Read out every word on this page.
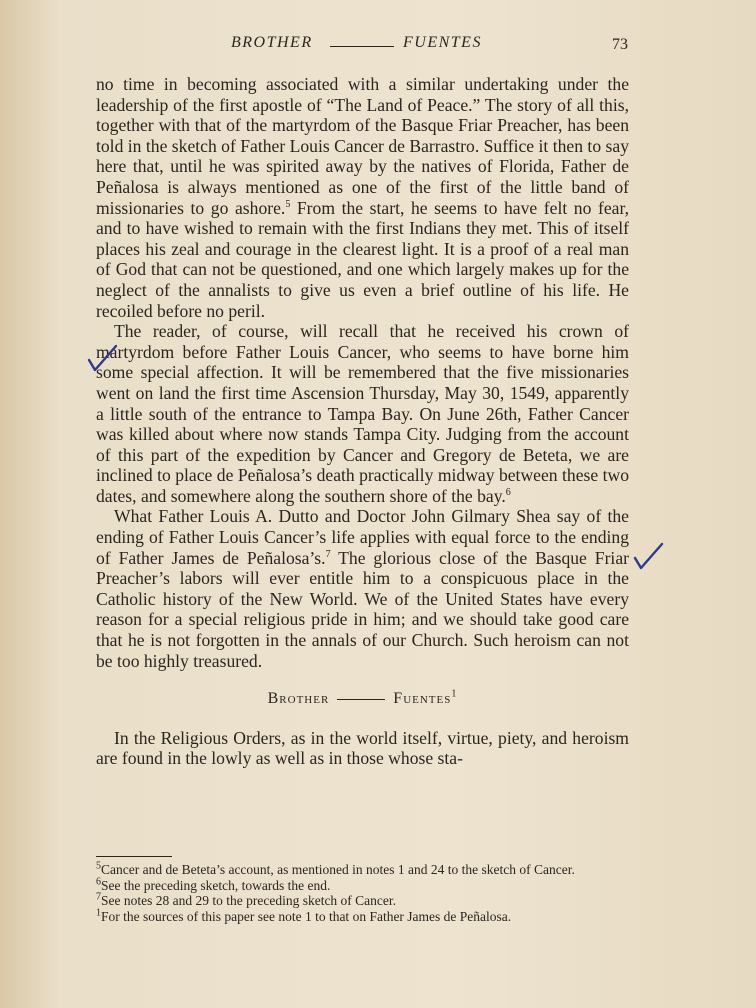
BROTHER	FUENTES	73

no time in becoming associated with a similar undertaking under the leadership of the first apostle of “The Land of Peace.” The story of all this, together with that of the martyrdom of the Basque Friar Preacher, has been told in the sketch of Father Louis Cancer de Barrastro. Suffice it then to say here that, until he was spirited away by the natives of Florida, Father de Peñalosa is always mentioned as one of the first of the little band of missionaries to go ashore.$^5$ From the start, he seems to have felt no fear, and to have wished to remain with the first Indians they met. This of itself places his zeal and courage in the clearest light. It is a proof of a real man of God that can not be questioned, and one which largely makes up for the neglect of the annalists to give us even a brief outline of his life. He recoiled before no peril.

The reader, of course, will recall that he received his crown of martyrdom before Father Louis Cancer, who seems to have borne him some special affection. It will be remembered that the five missionaries went on land the first time Ascension Thursday, May 30, 1549, apparently a little south of the entrance to Tampa Bay. On June 26th, Father Cancer was killed about where now stands Tampa City. Judging from the account of this part of the expedition by Cancer and Gregory de Beteta, we are inclined to place de Peñalosa’s death practically midway between these two dates, and somewhere along the southern shore of the bay.$^6$

What Father Louis A. Dutto and Doctor John Gilmary Shea say of the ending of Father Louis Cancer’s life applies with equal force to the ending of Father James de Peñalosa’s.$^7$ The glorious close of the Basque Friar Preacher’s labors will ever entitle him to a conspicuous place in the Catholic history of the New World. We of the United States have every reason for a special religious pride in him; and we should take good care that he is not forgotten in the annals of our Church. Such heroism can not be too highly treasured.

Brother	Fuentes$^1$

In the Religious Orders, as in the world itself, virtue, piety, and heroism are found in the lowly as well as in those whose sta-

$^5$Cancer and de Beteta’s account, as mentioned in notes 1 and 24 to the sketch of Cancer.

$^6$See the preceding sketch, towards the end.

$^7$See notes 28 and 29 to the preceding sketch of Cancer.

$^1$For the sources of this paper see note 1 to that on Father James de Peñalosa.
